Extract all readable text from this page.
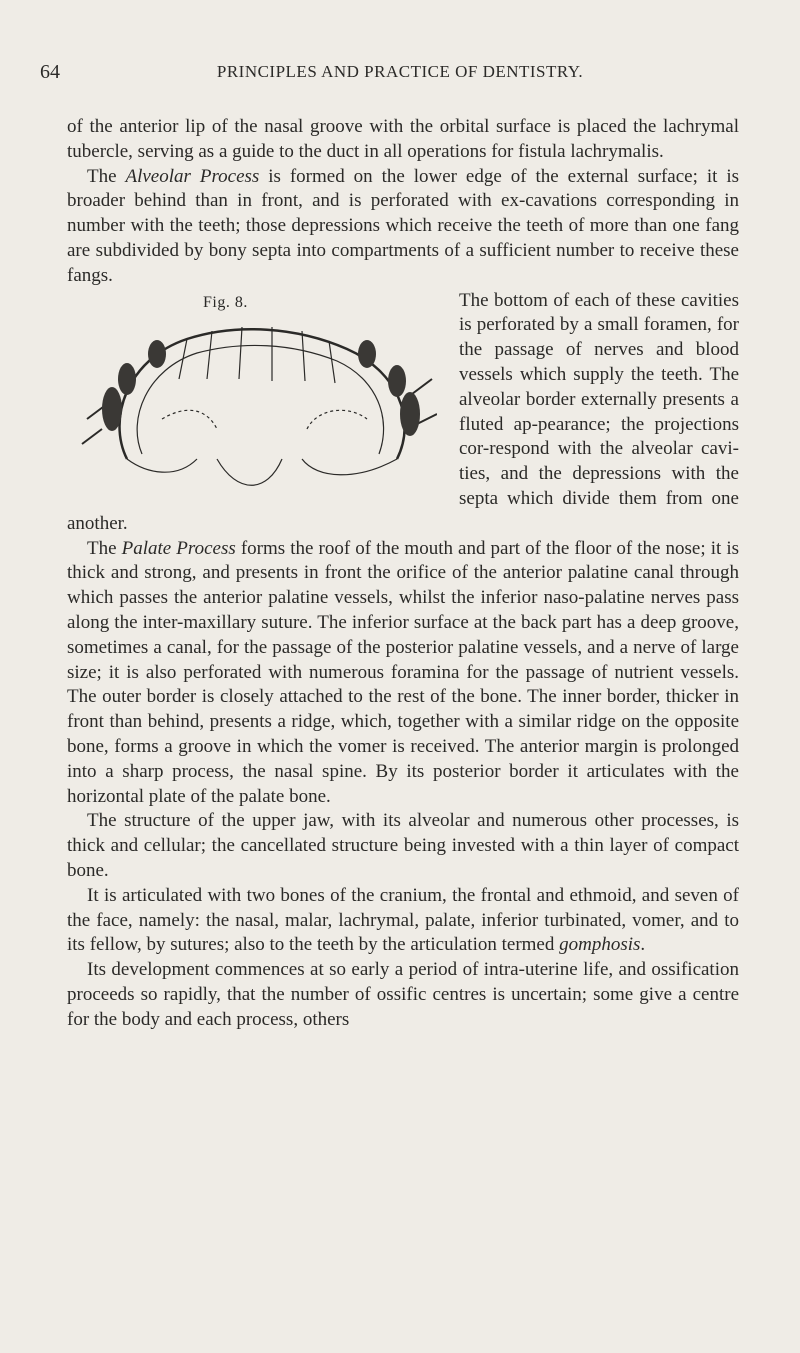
64	PRINCIPLES AND PRACTICE OF DENTISTRY.

of the anterior lip of the nasal groove with the orbital surface is placed the lachrymal tubercle, serving as a guide to the duct in all operations for fistula lachrymalis.

The Alveolar Process is formed on the lower edge of the external surface; it is broader behind than in front, and is perforated with ex-cavations corresponding in number with the teeth; those depressions which receive the teeth of more than one fang are subdivided by bony septa into compartments of a sufficient number to receive these fangs.

Fig. 8.	The bottom of each of these cavities is perforated by a small foramen, for the passage of nerves and blood vessels which supply the teeth. The alveolar border externally presents a fluted ap-pearance; the projections cor-respond with the alveolar cavi-ties, and the depressions with the septa which divide them from one another.

The Palate Process forms the roof of the mouth and part of the floor of the nose; it is thick and strong, and presents in front the orifice of the anterior palatine canal through which passes the anterior palatine vessels, whilst the inferior naso-palatine nerves pass along the inter-maxillary suture. The inferior surface at the back part has a deep groove, sometimes a canal, for the passage of the posterior palatine vessels, and a nerve of large size; it is also perforated with numerous foramina for the passage of nutrient vessels. The outer border is closely attached to the rest of the bone. The inner border, thicker in front than behind, presents a ridge, which, together with a similar ridge on the opposite bone, forms a groove in which the vomer is received. The anterior margin is prolonged into a sharp process, the nasal spine. By its posterior border it articulates with the horizontal plate of the palate bone.

The structure of the upper jaw, with its alveolar and numerous other processes, is thick and cellular; the cancellated structure being invested with a thin layer of compact bone.

It is articulated with two bones of the cranium, the frontal and ethmoid, and seven of the face, namely: the nasal, malar, lachrymal, palate, inferior turbinated, vomer, and to its fellow, by sutures; also to the teeth by the articulation termed gomphosis.

Its development commences at so early a period of intra-uterine life, and ossification proceeds so rapidly, that the number of ossific centres is uncertain; some give a centre for the body and each process, others
